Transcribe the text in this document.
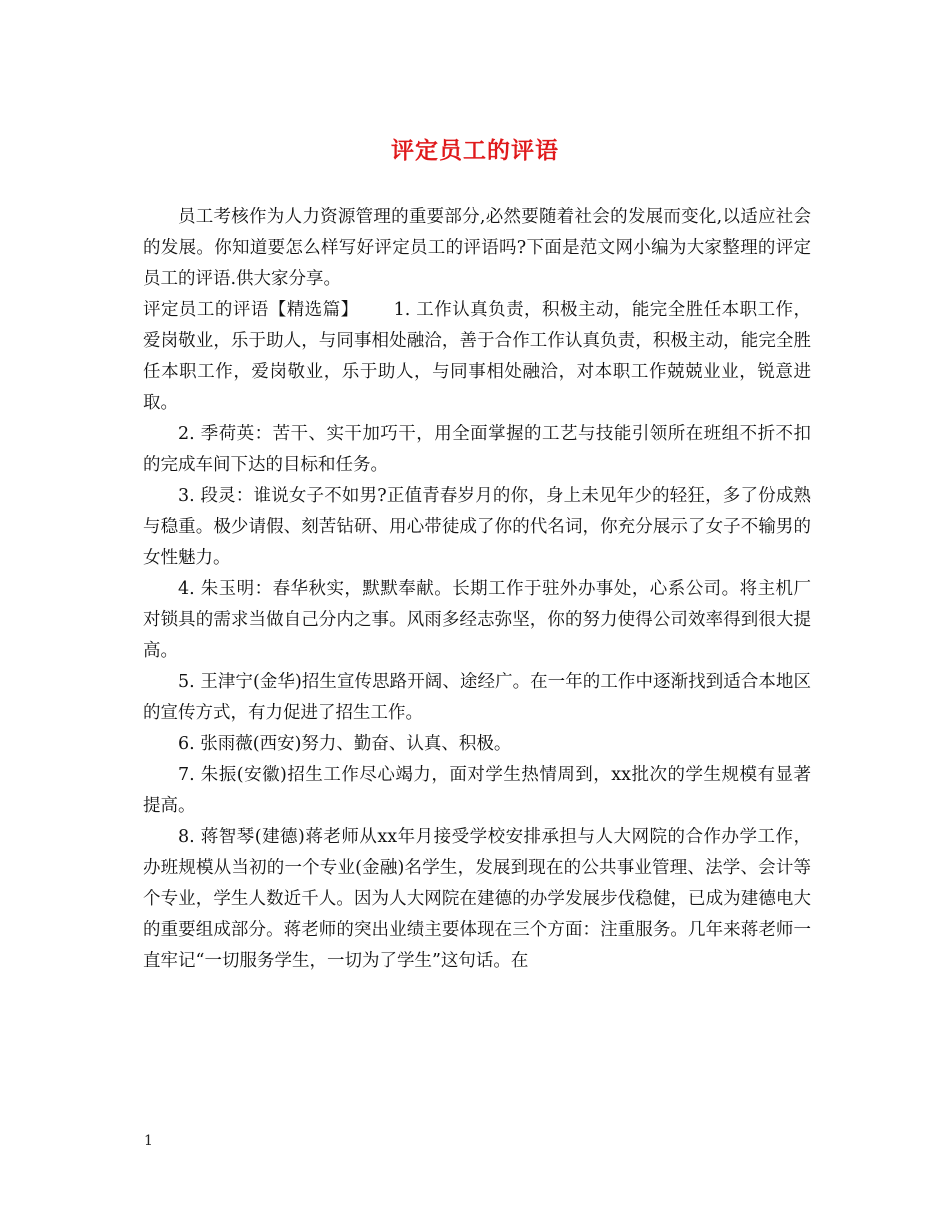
评定员工的评语

员工考核作为人力资源管理的重要部分,必然要随着社会的发展而变化,以适应社会的发展。你知道要怎么样写好评定员工的评语吗?下面是范文网小编为大家整理的评定员工的评语.供大家分享。

评定员工的评语【精选篇】 1. 工作认真负责，积极主动，能完全胜任本职工作，爱岗敬业，乐于助人，与同事相处融洽，善于合作工作认真负责，积极主动，能完全胜任本职工作，爱岗敬业，乐于助人，与同事相处融洽，对本职工作兢兢业业，锐意进取。

2. 季荷英：苦干、实干加巧干，用全面掌握的工艺与技能引领所在班组不折不扣的完成车间下达的目标和任务。

3. 段灵：谁说女子不如男?正值青春岁月的你，身上未见年少的轻狂，多了份成熟与稳重。极少请假、刻苦钻研、用心带徒成了你的代名词，你充分展示了女子不输男的女性魅力。

4. 朱玉明：春华秋实，默默奉献。长期工作于驻外办事处，心系公司。将主机厂对锁具的需求当做自己分内之事。风雨多经志弥坚，你的努力使得公司效率得到很大提高。

5. 王津宁(金华)招生宣传思路开阔、途经广。在一年的工作中逐渐找到适合本地区的宣传方式，有力促进了招生工作。

6. 张雨薇(西安)努力、勤奋、认真、积极。

7. 朱振(安徽)招生工作尽心竭力，面对学生热情周到，xx批次的学生规模有显著提高。

8. 蒋智琴(建德)蒋老师从xx年月接受学校安排承担与人大网院的合作办学工作，办班规模从当初的一个专业(金融)名学生，发展到现在的公共事业管理、法学、会计等个专业，学生人数近千人。因为人大网院在建德的办学发展步伐稳健，已成为建德电大的重要组成部分。蒋老师的突出业绩主要体现在三个方面：注重服务。几年来蒋老师一直牢记“一切服务学生，一切为了学生”这句话。在

1
